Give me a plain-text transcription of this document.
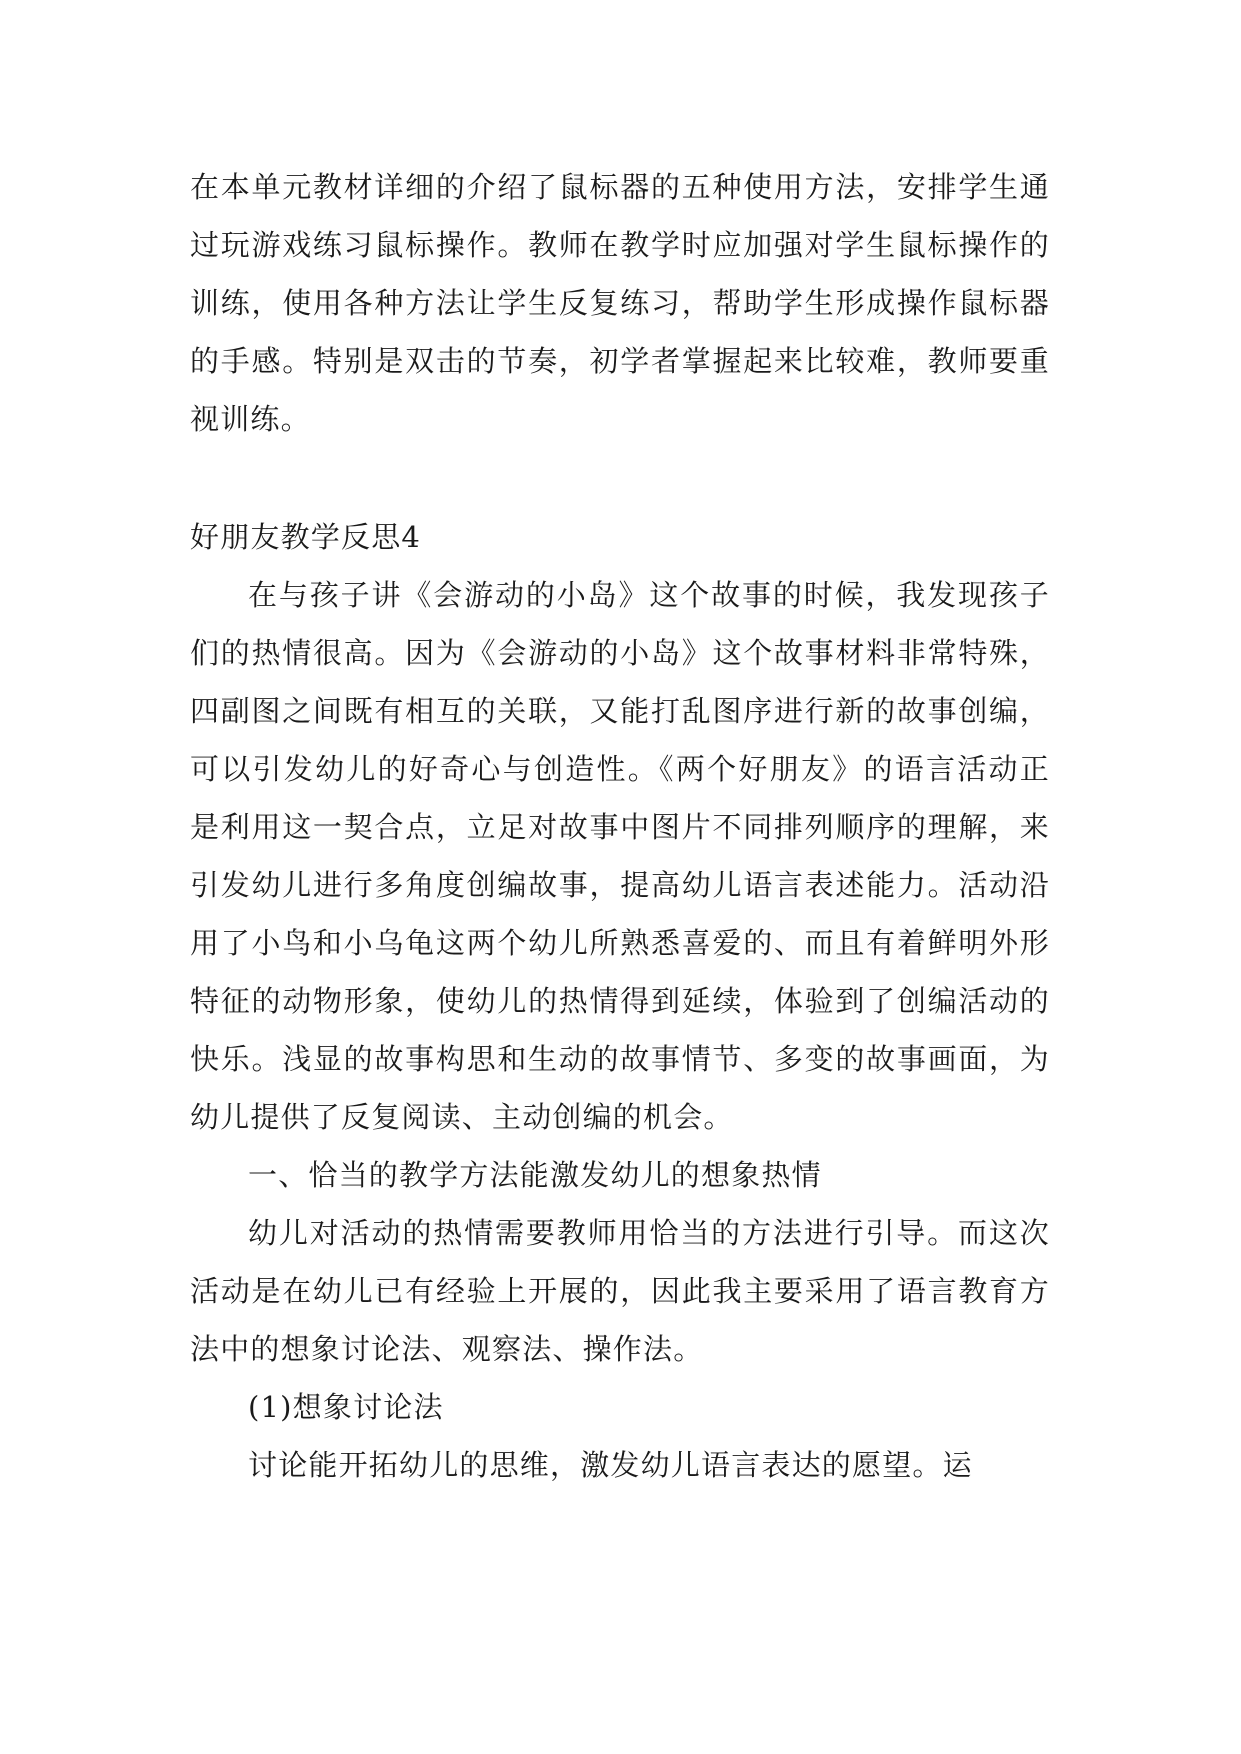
在本单元教材详细的介绍了鼠标器的五种使用方法，安排学生通过玩游戏练习鼠标操作。教师在教学时应加强对学生鼠标操作的训练，使用各种方法让学生反复练习，帮助学生形成操作鼠标器的手感。特别是双击的节奏，初学者掌握起来比较难，教师要重视训练。
好朋友教学反思4

在与孩子讲《会游动的小岛》这个故事的时候，我发现孩子们的热情很高。因为《会游动的小岛》这个故事材料非常特殊，四副图之间既有相互的关联，又能打乱图序进行新的故事创编，可以引发幼儿的好奇心与创造性。《两个好朋友》的语言活动正是利用这一契合点，立足对故事中图片不同排列顺序的理解，来引发幼儿进行多角度创编故事，提高幼儿语言表述能力。活动沿用了小鸟和小乌龟这两个幼儿所熟悉喜爱的、而且有着鲜明外形特征的动物形象，使幼儿的热情得到延续，体验到了创编活动的快乐。浅显的故事构思和生动的故事情节、多变的故事画面，为幼儿提供了反复阅读、主动创编的机会。

一、恰当的教学方法能激发幼儿的想象热情

幼儿对活动的热情需要教师用恰当的方法进行引导。而这次活动是在幼儿已有经验上开展的，因此我主要采用了语言教育方法中的想象讨论法、观察法、操作法。

(1)想象讨论法

讨论能开拓幼儿的思维，激发幼儿语言表达的愿望。运
